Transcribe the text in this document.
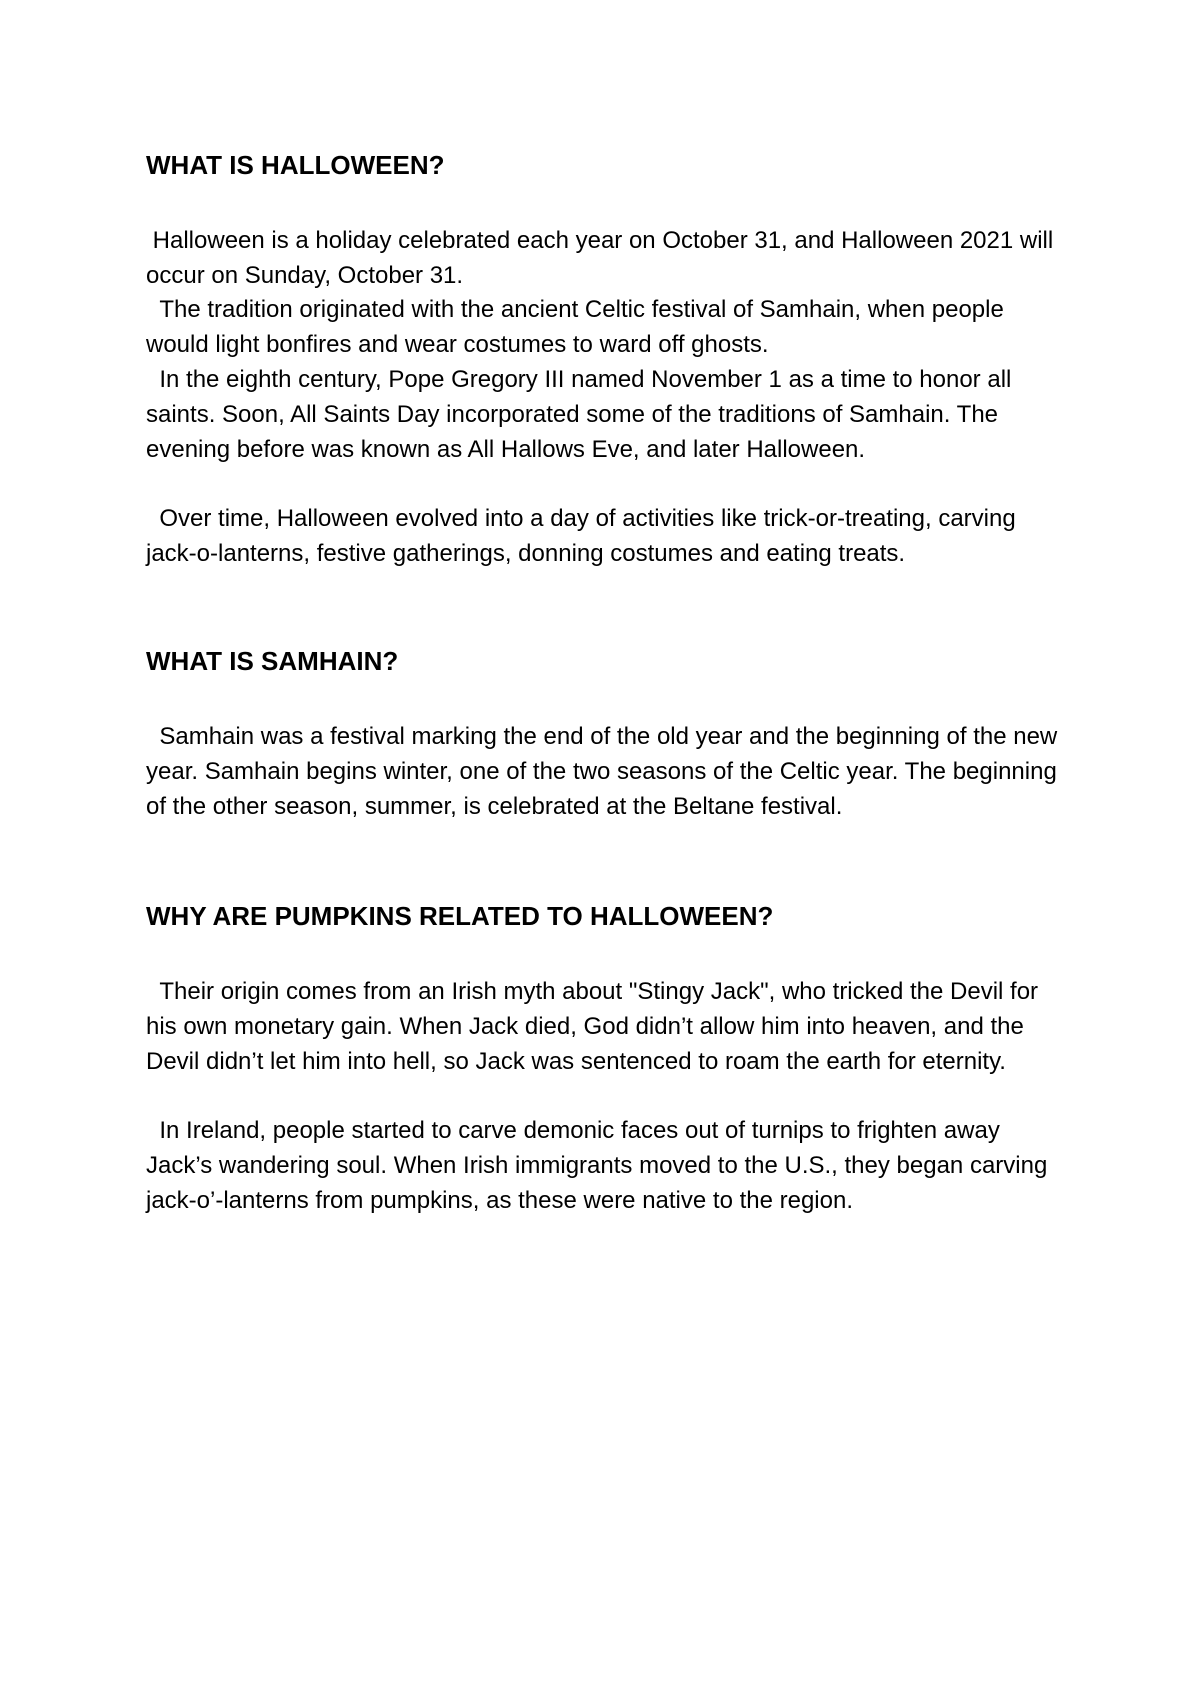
WHAT IS HALLOWEEN?

Halloween is a holiday celebrated each year on October 31, and Halloween 2021 will occur on Sunday, October 31.

The tradition originated with the ancient Celtic festival of Samhain, when people would light bonfires and wear costumes to ward off ghosts.

In the eighth century, Pope Gregory III named November 1 as a time to honor all saints. Soon, All Saints Day incorporated some of the traditions of Samhain. The evening before was known as All Hallows Eve, and later Halloween.

Over time, Halloween evolved into a day of activities like trick-or-treating, carving jack-o-lanterns, festive gatherings, donning costumes and eating treats.

WHAT IS SAMHAIN?

Samhain was a festival marking the end of the old year and the beginning of the new year. Samhain begins winter, one of the two seasons of the Celtic year. The beginning of the other season, summer, is celebrated at the Beltane festival.

WHY ARE PUMPKINS RELATED TO HALLOWEEN?

Their origin comes from an Irish myth about "Stingy Jack", who tricked the Devil for his own monetary gain. When Jack died, God didn’t allow him into heaven, and the Devil didn’t let him into hell, so Jack was sentenced to roam the earth for eternity.

In Ireland, people started to carve demonic faces out of turnips to frighten away Jack’s wandering soul. When Irish immigrants moved to the U.S., they began carving jack-o’-lanterns from pumpkins, as these were native to the region.
